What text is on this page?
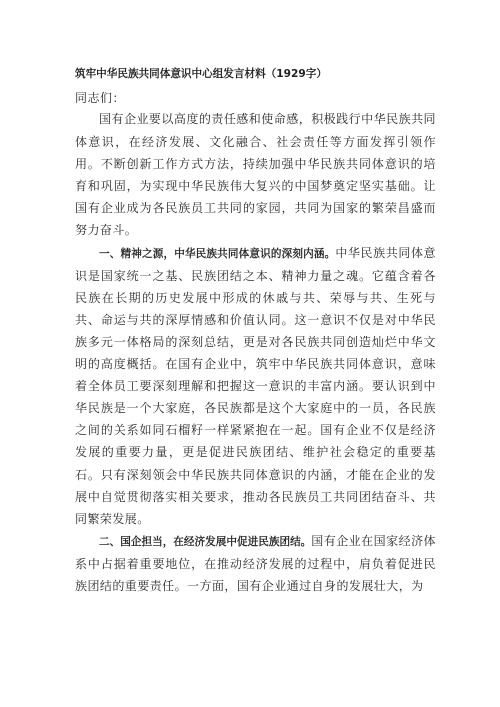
筑牢中华民族共同体意识中心组发言材料（1929字）
同志们：

国有企业要以高度的责任感和使命感，积极践行中华民族共同体意识，在经济发展、文化融合、社会责任等方面发挥引领作用。不断创新工作方式方法，持续加强中华民族共同体意识的培育和巩固，为实现中华民族伟大复兴的中国梦奠定坚实基础。让国有企业成为各民族员工共同的家园，共同为国家的繁荣昌盛而努力奋斗。

一、精神之源，中华民族共同体意识的深刻内涵。中华民族共同体意识是国家统一之基、民族团结之本、精神力量之魂。它蕴含着各民族在长期的历史发展中形成的休戚与共、荣辱与共、生死与共、命运与共的深厚情感和价值认同。这一意识不仅是对中华民族多元一体格局的深刻总结，更是对各民族共同创造灿烂中华文明的高度概括。在国有企业中，筑牢中华民族共同体意识，意味着全体员工要深刻理解和把握这一意识的丰富内涵。要认识到中华民族是一个大家庭，各民族都是这个大家庭中的一员，各民族之间的关系如同石榴籽一样紧紧抱在一起。国有企业不仅是经济发展的重要力量，更是促进民族团结、维护社会稳定的重要基石。只有深刻领会中华民族共同体意识的内涵，才能在企业的发展中自觉贯彻落实相关要求，推动各民族员工共同团结奋斗、共同繁荣发展。

二、国企担当，在经济发展中促进民族团结。国有企业在国家经济体系中占据着重要地位，在推动经济发展的过程中，肩负着促进民族团结的重要责任。一方面，国有企业通过自身的发展壮大，为
